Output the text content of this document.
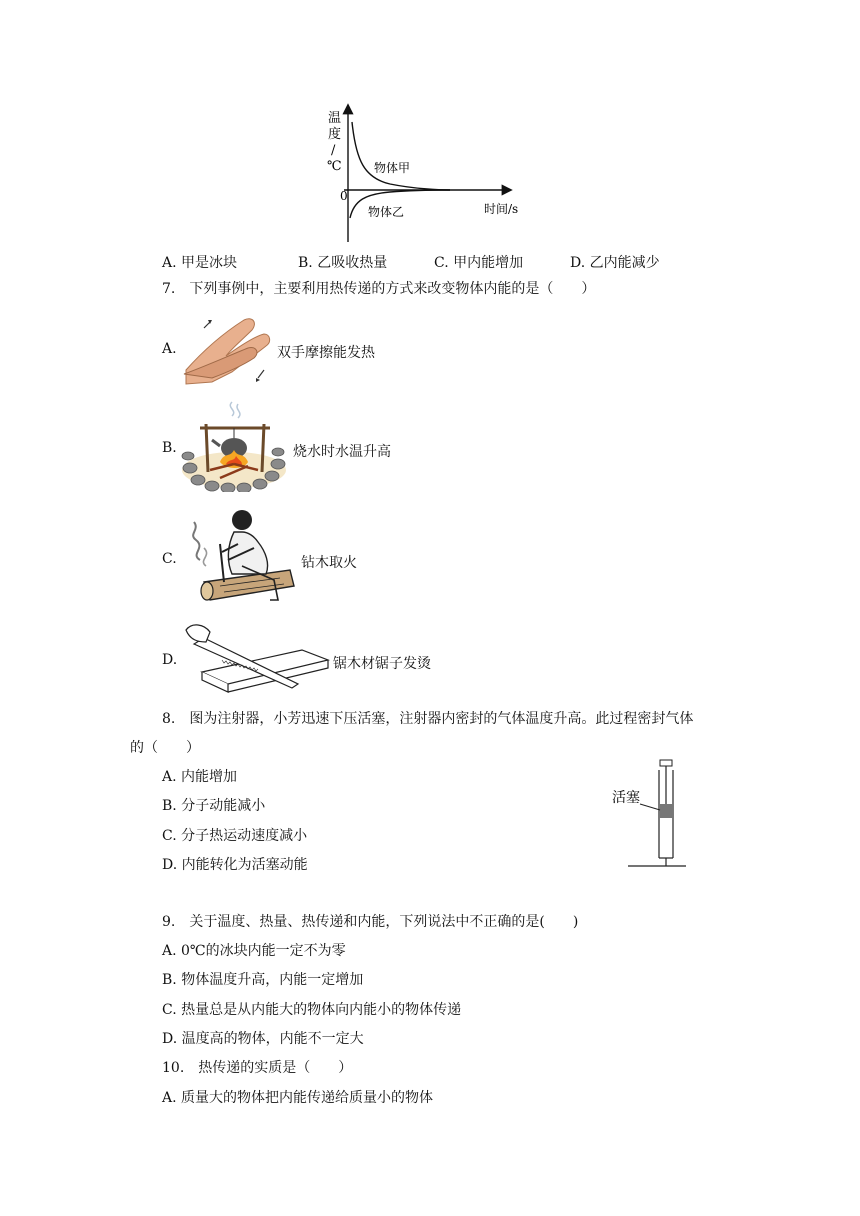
温
度
/
℃	物体甲
物体乙
0
时间/s
A. 甲是冰块	B. 乙吸收热量	C. 甲内能增加	D. 乙内能减少
7.　下列事例中，主要利用热传递的方式来改变物体内能的是（　　）
A.	双手摩擦能发热
B.	烧水时水温升高
C.	钻木取火
D.	锯木材锯子发烫
8.　图为注射器，小芳迅速下压活塞，注射器内密封的气体温度升高。此过程密封气体
的（　　）
A. 内能增加
B. 分子动能减小
C. 分子热运动速度减小
D. 内能转化为活塞动能
活塞
9.　关于温度、热量、热传递和内能，下列说法中不正确的是(　　)
A. 0℃的冰块内能一定不为零
B. 物体温度升高，内能一定增加
C. 热量总是从内能大的物体向内能小的物体传递
D. 温度高的物体，内能不一定大
10.　热传递的实质是（　　）
A. 质量大的物体把内能传递给质量小的物体
